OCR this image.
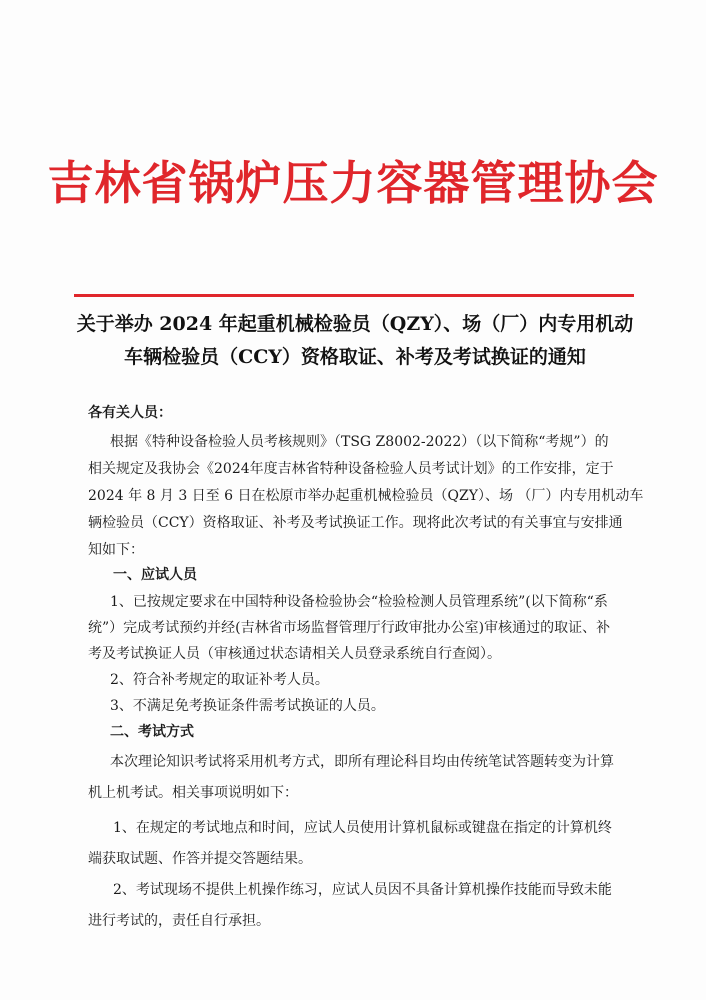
吉林省锅炉压力容器管理协会
关于举办 2024 年起重机械检验员（QZY）、场（厂）内专用机动
车辆检验员（CCY）资格取证、补考及考试换证的通知
各有关人员：
根据《特种设备检验人员考核规则》（TSG Z8002-2022）（以下简称“考规”）的
相关规定及我协会《2024年度吉林省特种设备检验人员考试计划》的工作安排，定于
2024 年 8 月 3 日至 6 日在松原市举办起重机械检验员（QZY）、场 （厂）内专用机动车
辆检验员（CCY）资格取证、补考及考试换证工作。现将此次考试的有关事宜与安排通
知如下：
一、应试人员
1、已按规定要求在中国特种设备检验协会“检验检测人员管理系统”(以下简称“系
统”）完成考试预约并经(吉林省市场监督管理厅行政审批办公室)审核通过的取证、补
考及考试换证人员（审核通过状态请相关人员登录系统自行查阅）。
2、符合补考规定的取证补考人员。
3、不满足免考换证条件需考试换证的人员。
二、考试方式
本次理论知识考试将采用机考方式，即所有理论科目均由传统笔试答题转变为计算
机上机考试。相关事项说明如下：
1、在规定的考试地点和时间，应试人员使用计算机鼠标或键盘在指定的计算机终
端获取试题、作答并提交答题结果。
2、考试现场不提供上机操作练习，应试人员因不具备计算机操作技能而导致未能
进行考试的，责任自行承担。
